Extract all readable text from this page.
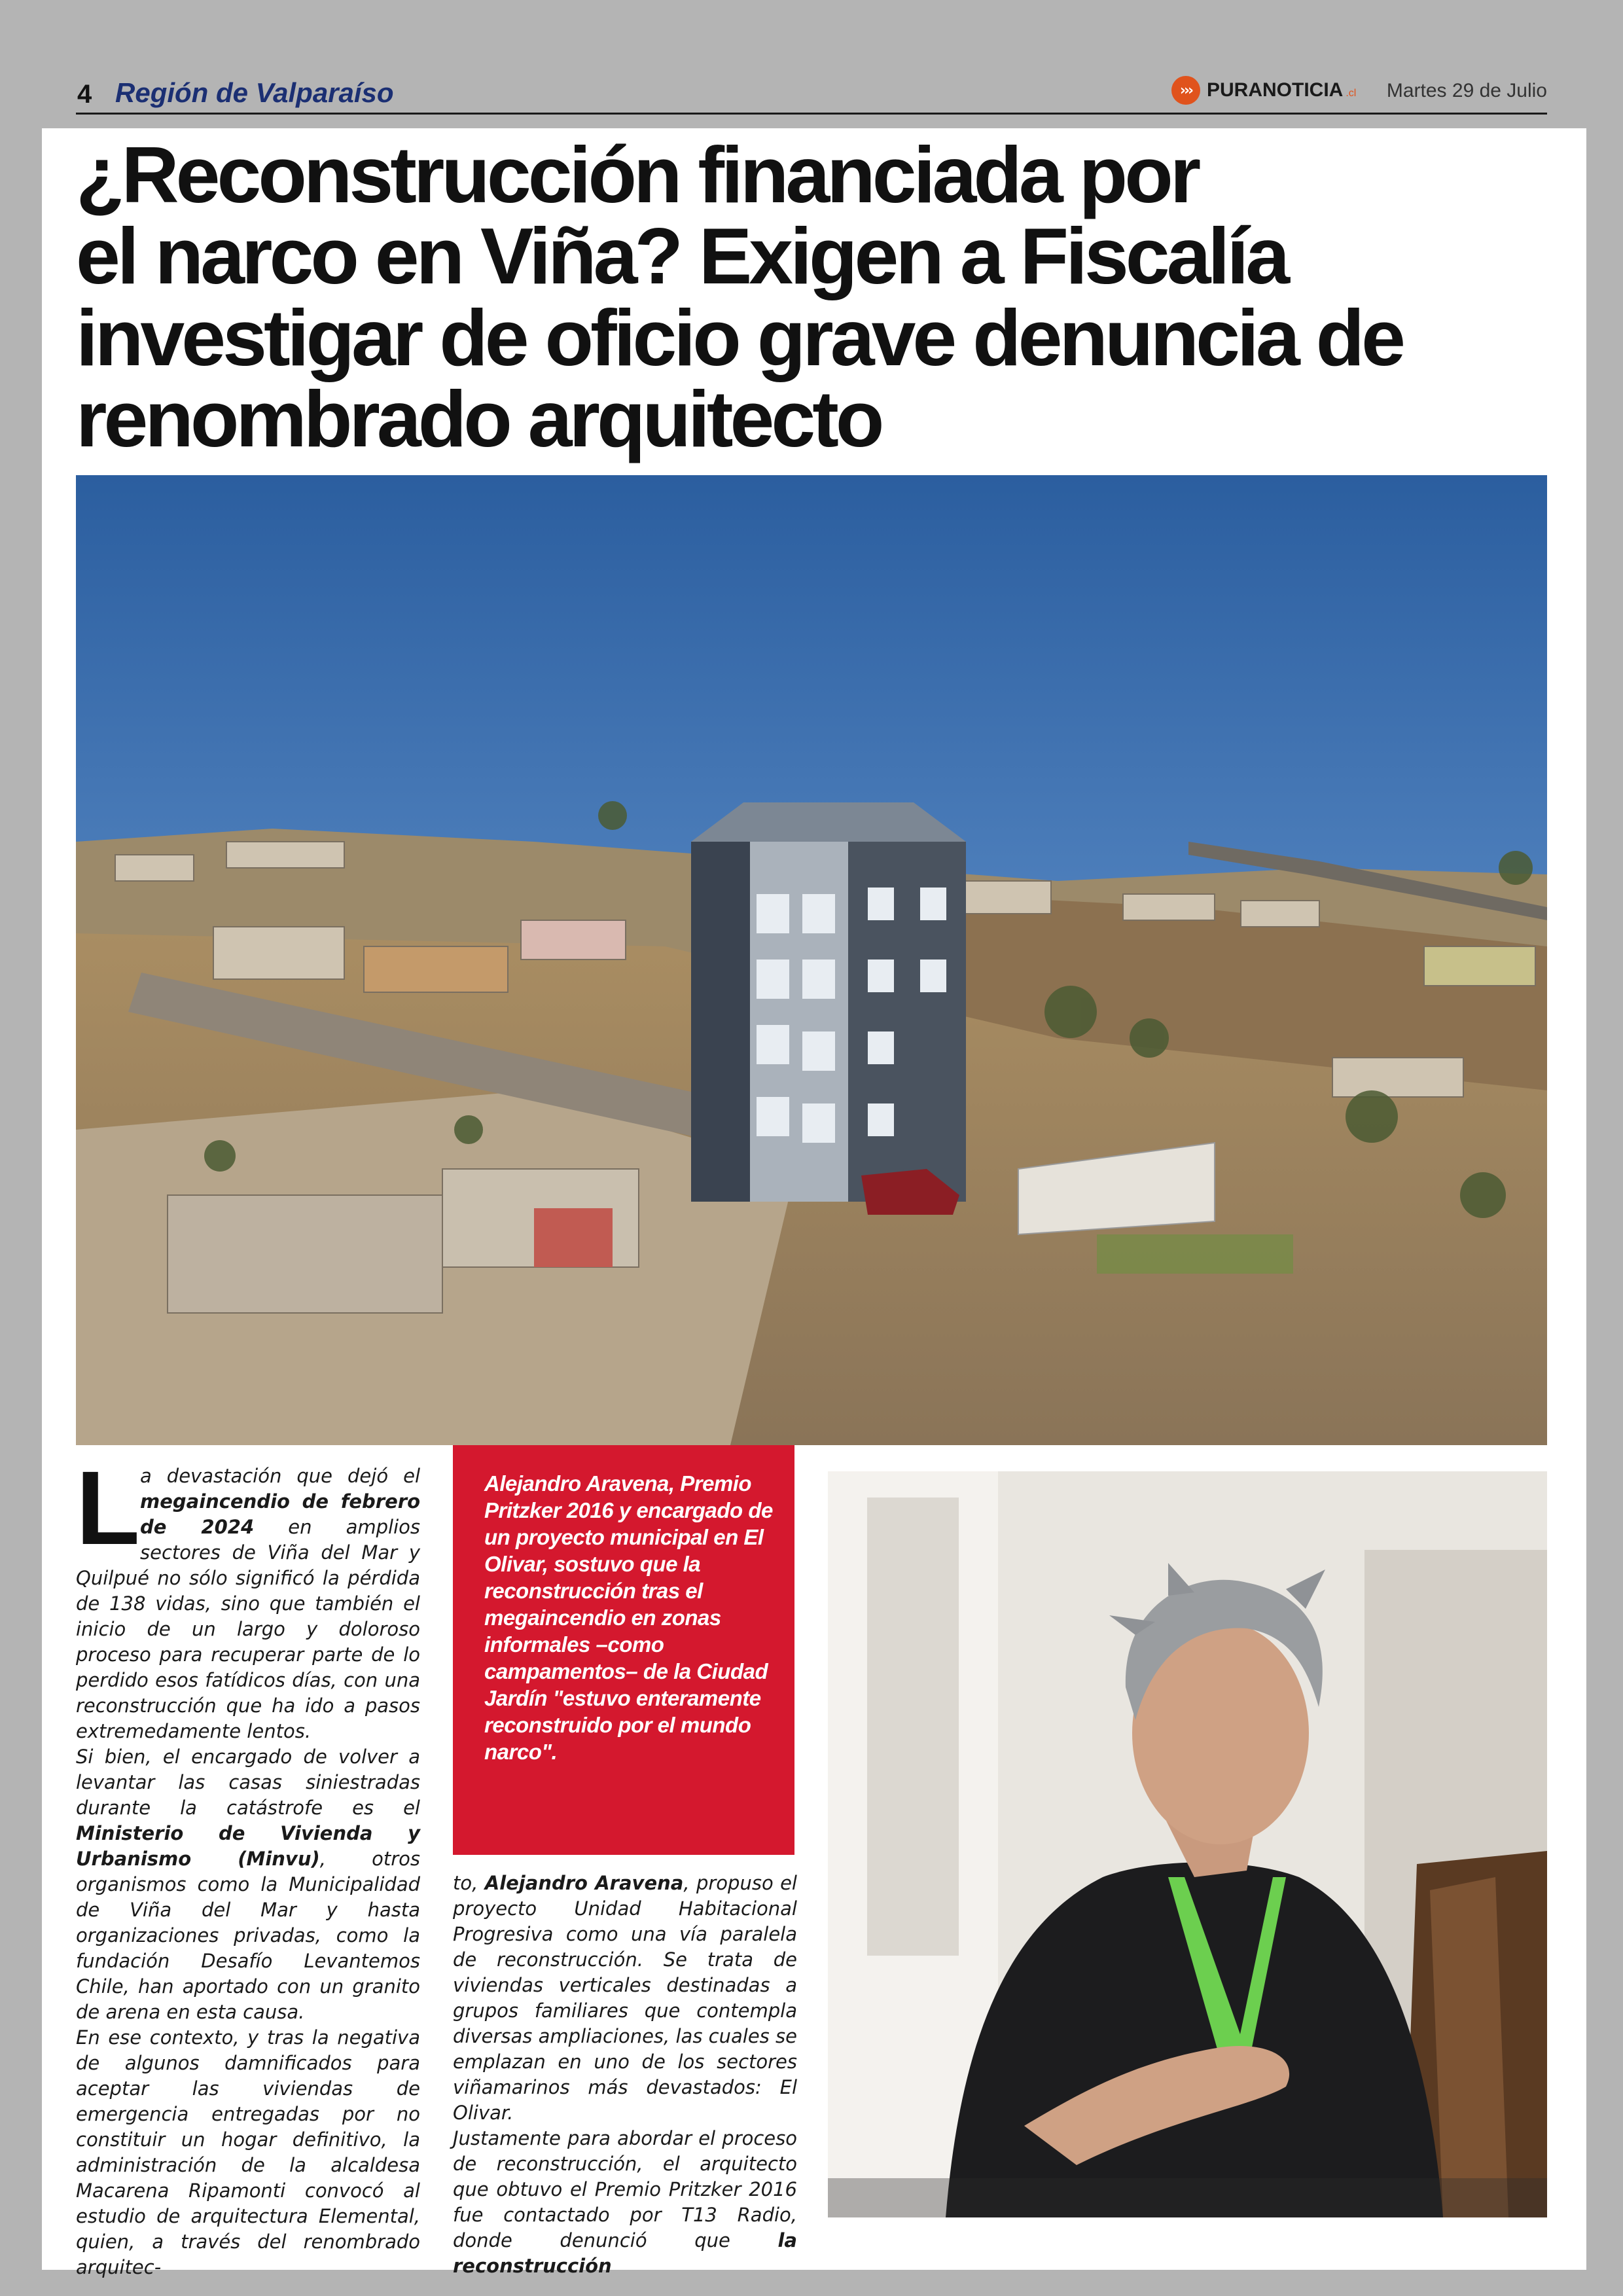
4 Región de Valparaíso	››› PURANOTICIA .cl Martes 29 de Julio
¿Reconstrucción financiada por
el narco en Viña? Exigen a Fiscalía
investigar de oficio grave denuncia de
renombrado arquitecto

La devastación que dejó el megaincendio de febrero de 2024 en amplios sectores de Viña del Mar y Quilpué no sólo significó la pérdida de 138 vidas, sino que también el inicio de un largo y doloroso proceso para recuperar parte de lo perdido esos fatídicos días, con una reconstrucción que ha ido a pasos extremedamente lentos.

Si bien, el encargado de volver a levantar las casas siniestradas durante la catástrofe es el Ministerio de Vivienda y Urbanismo (Minvu), otros organismos como la Municipalidad de Viña del Mar y hasta organizaciones privadas, como la fundación Desafío Levantemos Chile, han aportado con un granito de arena en esta causa.

En ese contexto, y tras la negativa de algunos damnificados para aceptar las viviendas de emergencia entregadas por no constituir un hogar definitivo, la administración de la alcaldesa Macarena Ripamonti convocó al estudio de arquitectura Elemental, quien, a través del renombrado arquitec-

Alejandro Aravena, Premio Pritzker 2016 y encargado de un proyecto municipal en El Olivar, sostuvo que la reconstrucción tras el megaincendio en zonas informales –como campamentos– de la Ciudad Jardín "estuvo enteramente reconstruido por el mundo narco".

to, Alejandro Aravena, propuso el proyecto Unidad Habitacional Progresiva como una vía paralela de reconstrucción. Se trata de viviendas verticales destinadas a grupos familiares que contempla diversas ampliaciones, las cuales se emplazan en uno de los sectores viñamarinos más devastados: El Olivar.

Justamente para abordar el proceso de reconstrucción, el arquitecto que obtuvo el Premio Pritzker 2016 fue contactado por T13 Radio, donde denunció que la reconstrucción
